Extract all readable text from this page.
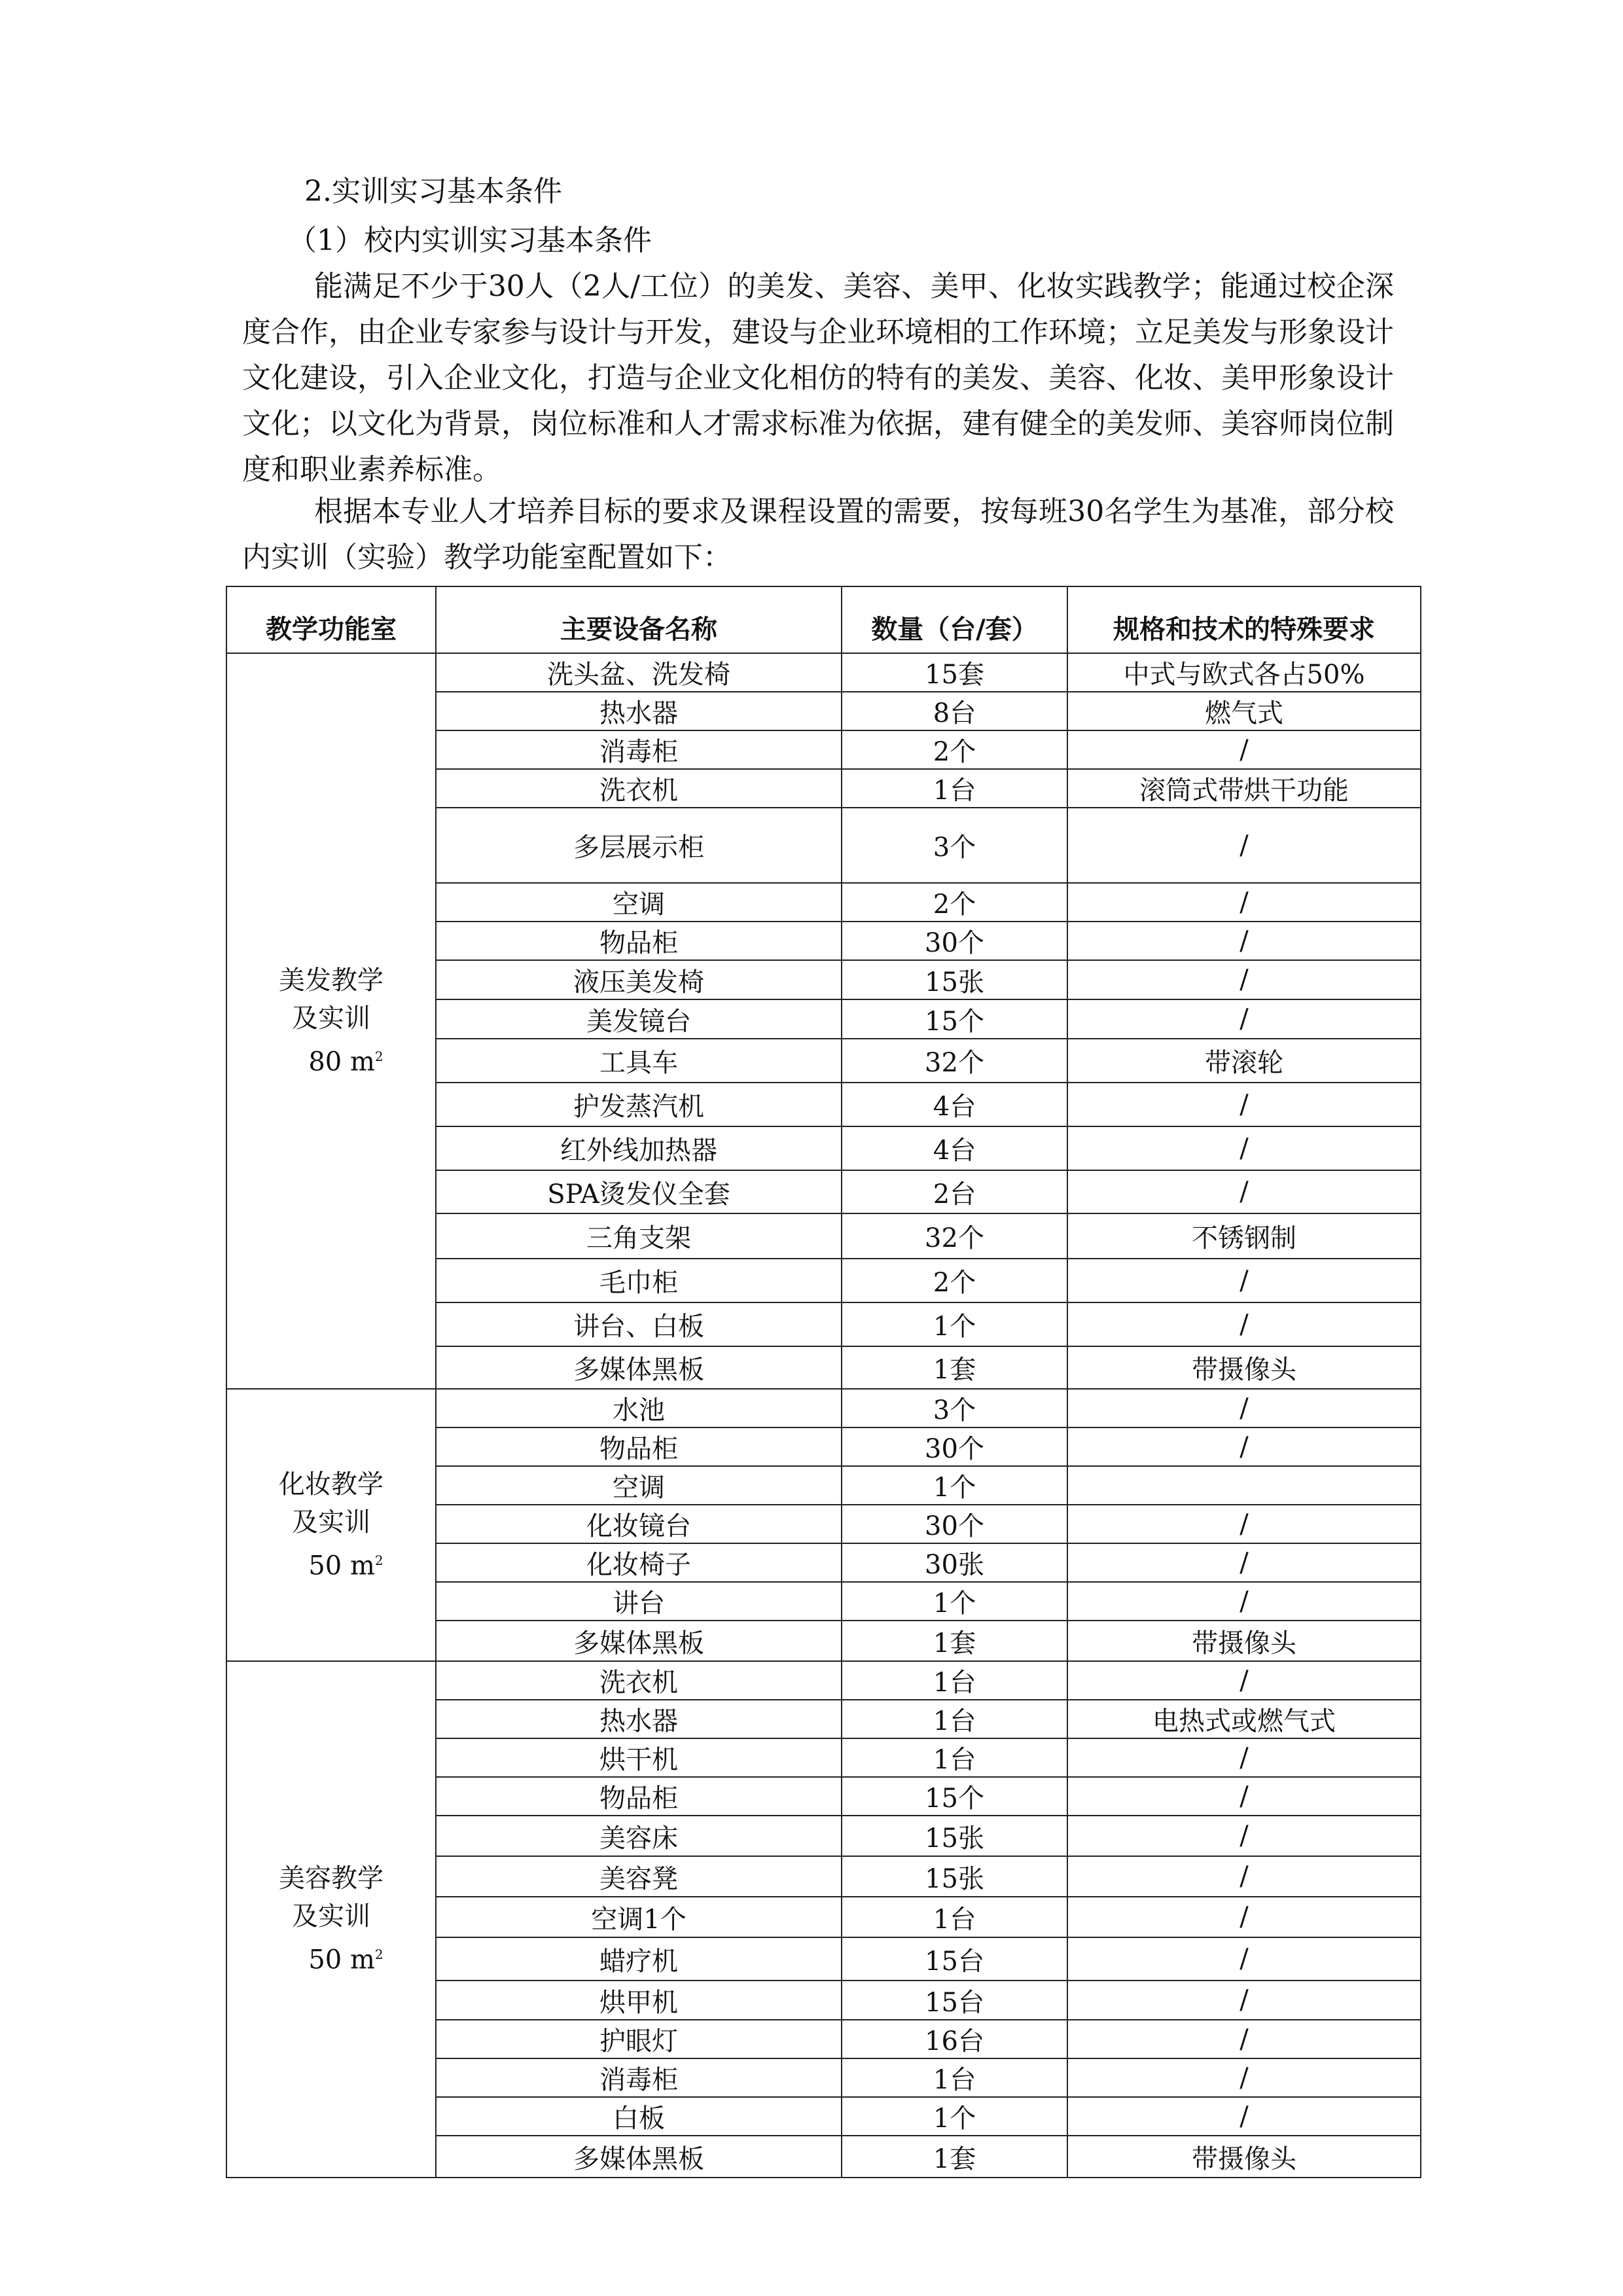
2.实训实习基本条件
（1）校内实训实习基本条件

能满足不少于30人（2人/工位）的美发、美容、美甲、化妆实践教学；能通过校企深度合作，由企业专家参与设计与开发，建设与企业环境相的工作环境；立足美发与形象设计文化建设，引入企业文化，打造与企业文化相仿的特有的美发、美容、化妆、美甲形象设计文化；以文化为背景，岗位标准和人才需求标准为依据，建有健全的美发师、美容师岗位制度和职业素养标准。

根据本专业人才培养目标的要求及课程设置的需要，按每班30名学生为基准，部分校内实训（实验）教学功能室配置如下：

教学功能室	主要设备名称	数量（台/套）	规格和技术的特殊要求
美发教学
及实训
80 $m^2$	洗头盆、洗发椅	15套	中式与欧式各占50%
	热水器	8台	燃气式
	消毒柜	2个	/
	洗衣机	1台	滚筒式带烘干功能
	多层展示柜	3个	/
	空调	2个	/
	物品柜	30个	/
	液压美发椅	15张	/
	美发镜台	15个	/
	工具车	32个	带滚轮
	护发蒸汽机	4台	/
	红外线加热器	4台	/
	SPA烫发仪全套	2台	/
	三角支架	32个	不锈钢制
	毛巾柜	2个	/
	讲台、白板	1个	/
	多媒体黑板	1套	带摄像头
化妆教学
及实训
50 $m^2$	水池	3个	/
	物品柜	30个	/
	空调	1个	
	化妆镜台	30个	/
	化妆椅子	30张	/
	讲台	1个	/
	多媒体黑板	1套	带摄像头
美容教学
及实训
50 $m^2$	洗衣机	1台	/
	热水器	1台	电热式或燃气式
	烘干机	1台	/
	物品柜	15个	/
	美容床	15张	/
	美容凳	15张	/
	空调1个	1台	/
	蜡疗机	15台	/
	烘甲机	15台	/
	护眼灯	16台	/
	消毒柜	1台	/
	白板	1个	/
	多媒体黑板	1套	带摄像头
